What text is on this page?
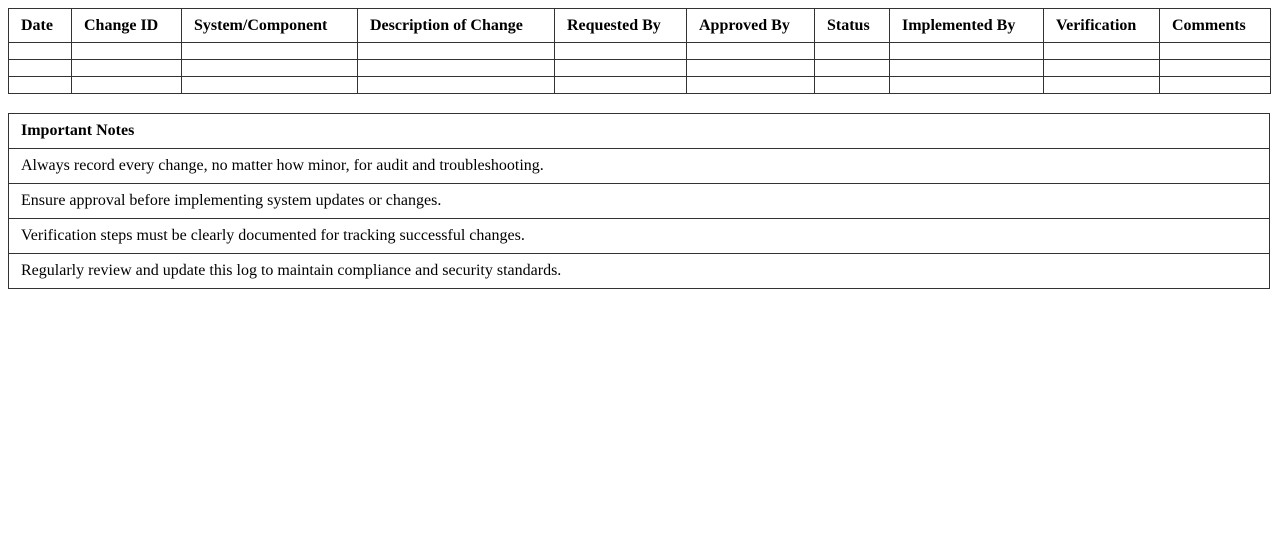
Date	Change ID	System/Component	Description of Change	Requested By	Approved By	Status	Implemented By	Verification	Comments

Important Notes
Always record every change, no matter how minor, for audit and troubleshooting.
Ensure approval before implementing system updates or changes.
Verification steps must be clearly documented for tracking successful changes.
Regularly review and update this log to maintain compliance and security standards.
